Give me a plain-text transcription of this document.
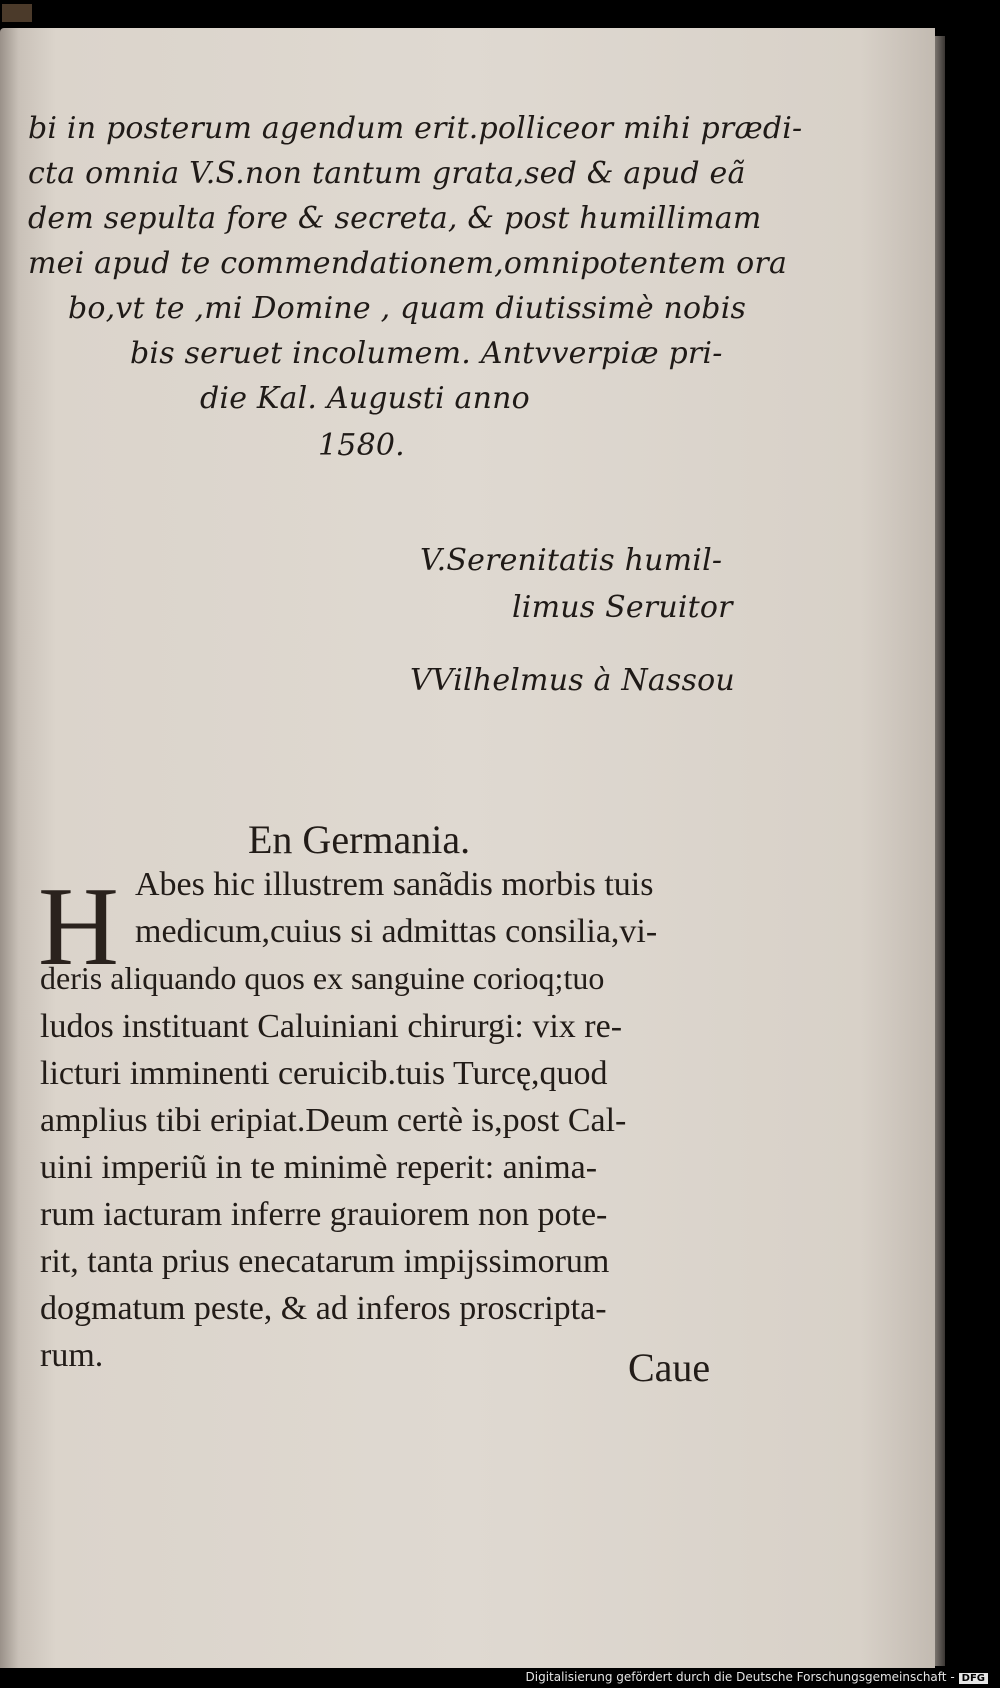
bi in posterum agendum erit.polliceor mihi prædi-
cta omnia V.S.non tantum grata,sed & apud eã
dem sepulta fore & secreta, & post humillimam
mei apud te commendationem,omnipotentem ora
bo,vt te ,mi Domine , quam diutissimè nobis
bis seruet incolumem. Antvverpiæ pri-
die Kal. Augusti anno
1580.
V.Serenitatis humil-
limus Seruitor
VVilhelmus à Nassou
En Germania.
H Abes hic illustrem sanãdis morbis tuis
medicum,cuius si admittas consilia,vi-
deris aliquando quos ex sanguine corioq;tuo
ludos instituant Caluiniani chirurgi: vix re-
licturi imminenti ceruicib.tuis Turcę,quod
amplius tibi eripiat.Deum certè is,post Cal-
uini imperiũ in te minimè reperit: anima-
rum iacturam inferre grauiorem non pote-
rit, tanta prius enecatarum impijssimorum
dogmatum peste, & ad inferos proscripta-
rum.	Caue
Digitalisierung gefördert durch die Deutsche Forschungsgemeinschaft - DFG
